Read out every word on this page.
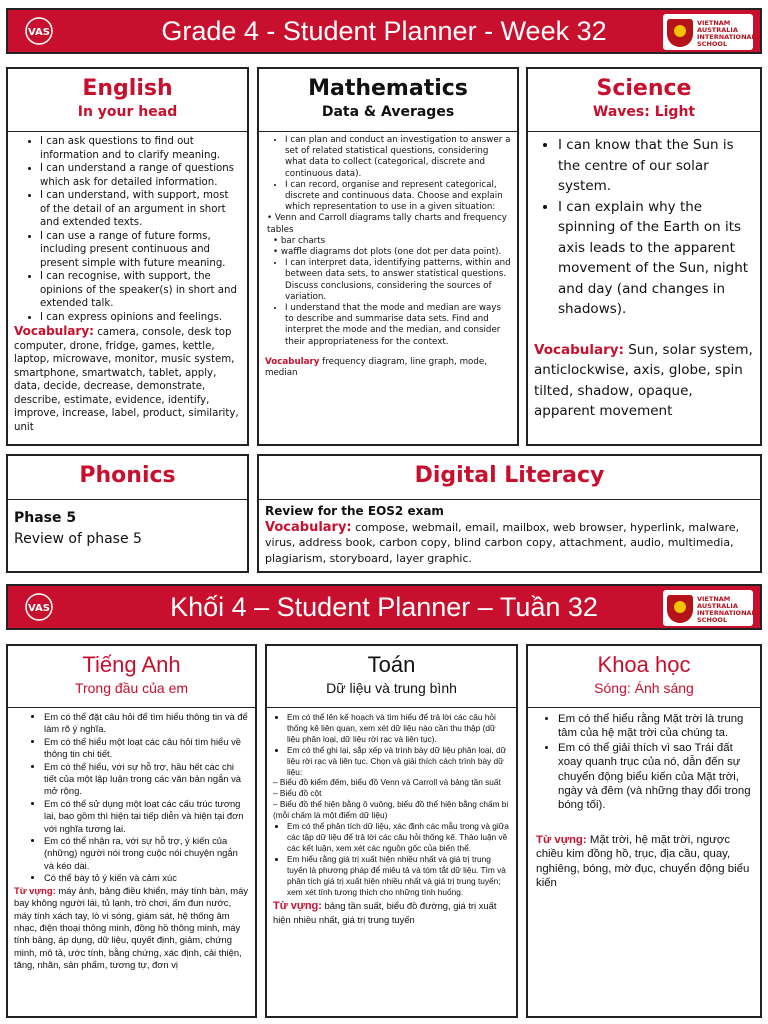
VAS	Grade 4 - Student Planner - Week 32	VIETNAM
AUSTRALIA
INTERNATIONAL
SCHOOL
English
In your head
• I can ask questions to find out information and to clarify meaning.
• I can understand a range of questions which ask for detailed information.
• I can understand, with support, most of the detail of an argument in short and extended texts.
• I can use a range of future forms, including present continuous and present simple with future meaning.
• I can recognise, with support, the opinions of the speaker(s) in short and extended talk.
• I can express opinions and feelings.
Vocabulary: camera, console, desk top computer, drone, fridge, games, kettle, laptop, microwave, monitor, music system, smartphone, smartwatch, tablet, apply, data, decide, decrease, demonstrate, describe, estimate, evidence, identify, improve, increase, label, product, similarity, unit
Mathematics
Data & Averages
• I can plan and conduct an investigation to answer a set of related statistical questions, considering what data to collect (categorical, discrete and continuous data).
• I can record, organise and represent categorical, discrete and continuous data. Choose and explain which representation to use in a given situation:
• Venn and Carroll diagrams tally charts and frequency tables
• bar charts
• waffle diagrams dot plots (one dot per data point).
• I can interpret data, identifying patterns, within and between data sets, to answer statistical questions. Discuss conclusions, considering the sources of variation.
• I understand that the mode and median are ways to describe and summarise data sets. Find and interpret the mode and the median, and consider their appropriateness for the context.
Vocabulary frequency diagram, line graph, mode, median
Science
Waves: Light
• I can know that the Sun is the centre of our solar system.
• I can explain why the spinning of the Earth on its axis leads to the apparent movement of the Sun, night and day (and changes in shadows).
Vocabulary: Sun, solar system, anticlockwise, axis, globe, spin tilted, shadow, opaque, apparent movement
Phonics
Phase 5
Review of phase 5
Digital Literacy
Review for the EOS2 exam
Vocabulary: compose, webmail, email, mailbox, web browser, hyperlink, malware, virus, address book, carbon copy, blind carbon copy, attachment, audio, multimedia, plagiarism, storyboard, layer graphic.
VAS	Khối 4 – Student Planner – Tuần 32	VIETNAM
AUSTRALIA
INTERNATIONAL
SCHOOL
Tiếng Anh
Trong đầu của em
• Em có thể đặt câu hỏi để tìm hiểu thông tin và để làm rõ ý nghĩa.
• Em có thể hiểu một loạt các câu hỏi tìm hiểu về thông tin chi tiết.
• Em có thể hiểu, với sự hỗ trợ, hầu hết các chi tiết của một lập luận trong các văn bản ngắn và mở rộng.
• Em có thể sử dụng một loạt các cấu trúc tương lai, bao gồm thì hiện tại tiếp diễn và hiện tại đơn với nghĩa tương lai.
• Em có thể nhận ra, với sự hỗ trợ, ý kiến của (những) người nói trong cuộc nói chuyện ngắn và kéo dài.
• Có thể bày tỏ ý kiến và cảm xúc
Từ vựng: máy ảnh, bảng điều khiển, máy tính bàn, máy bay không người lái, tủ lạnh, trò chơi, ấm đun nước, máy tính xách tay, lò vi sóng, giám sát, hệ thống âm nhạc, điện thoại thông minh, đồng hồ thông minh, máy tính bảng, áp dụng, dữ liệu, quyết định, giảm, chứng minh, mô tả, ước tính, bằng chứng, xác định, cải thiện, tăng, nhãn, sản phẩm, tương tự, đơn vị
Toán
Dữ liệu và trung bình
• Em có thể lên kế hoạch và tìm hiểu để trả lời các câu hỏi thống kê liên quan, xem xét dữ liệu nào cần thu thập (dữ liệu phân loại, dữ liệu rời rạc và liên tục).
• Em có thể ghi lại, sắp xếp và trình bày dữ liệu phân loại, dữ liệu rời rạc và liên tục. Chọn và giải thích cách trình bày dữ liệu:
– Biểu đồ kiểm đếm, biểu đồ Venn và Carroll và bảng tần suất
– Biểu đồ cột
– Biểu đồ thể hiện bằng ô vuông, biểu đồ thể hiện bằng chấm bi (mỗi chấm là một điểm dữ liệu)
• Em có thể phân tích dữ liệu, xác định các mẫu trong và giữa các tập dữ liệu để trả lời các câu hỏi thống kê. Thảo luận về các kết luận, xem xét các nguồn gốc của biến thể.
• Em hiểu rằng giá trị xuất hiện nhiều nhất và giá trị trung tuyến là phương pháp để miêu tả và tóm tắt dữ liệu. Tìm và phân tích giá trị xuất hiện nhiều nhất và giá trị trung tuyến; xem xét tính tương thích cho những tình huống.
Từ vựng: bảng tần suất, biểu đồ đường, giá trị xuất hiện nhiều nhất, giá trị trung tuyến
Khoa học
Sóng: Ánh sáng
• Em có thể hiểu rằng Mặt trời là trung tâm của hệ mặt trời của chúng ta.
• Em có thể giải thích vì sao Trái đất xoay quanh trục của nó, dẫn đến sự chuyển động biểu kiến của Mặt trời, ngày và đêm (và những thay đổi trong bóng tối).
Từ vựng: Mặt trời, hệ mặt trời, ngược chiều kim đồng hồ, trục, địa cầu, quay, nghiêng, bóng, mờ đục, chuyển động biểu kiến
